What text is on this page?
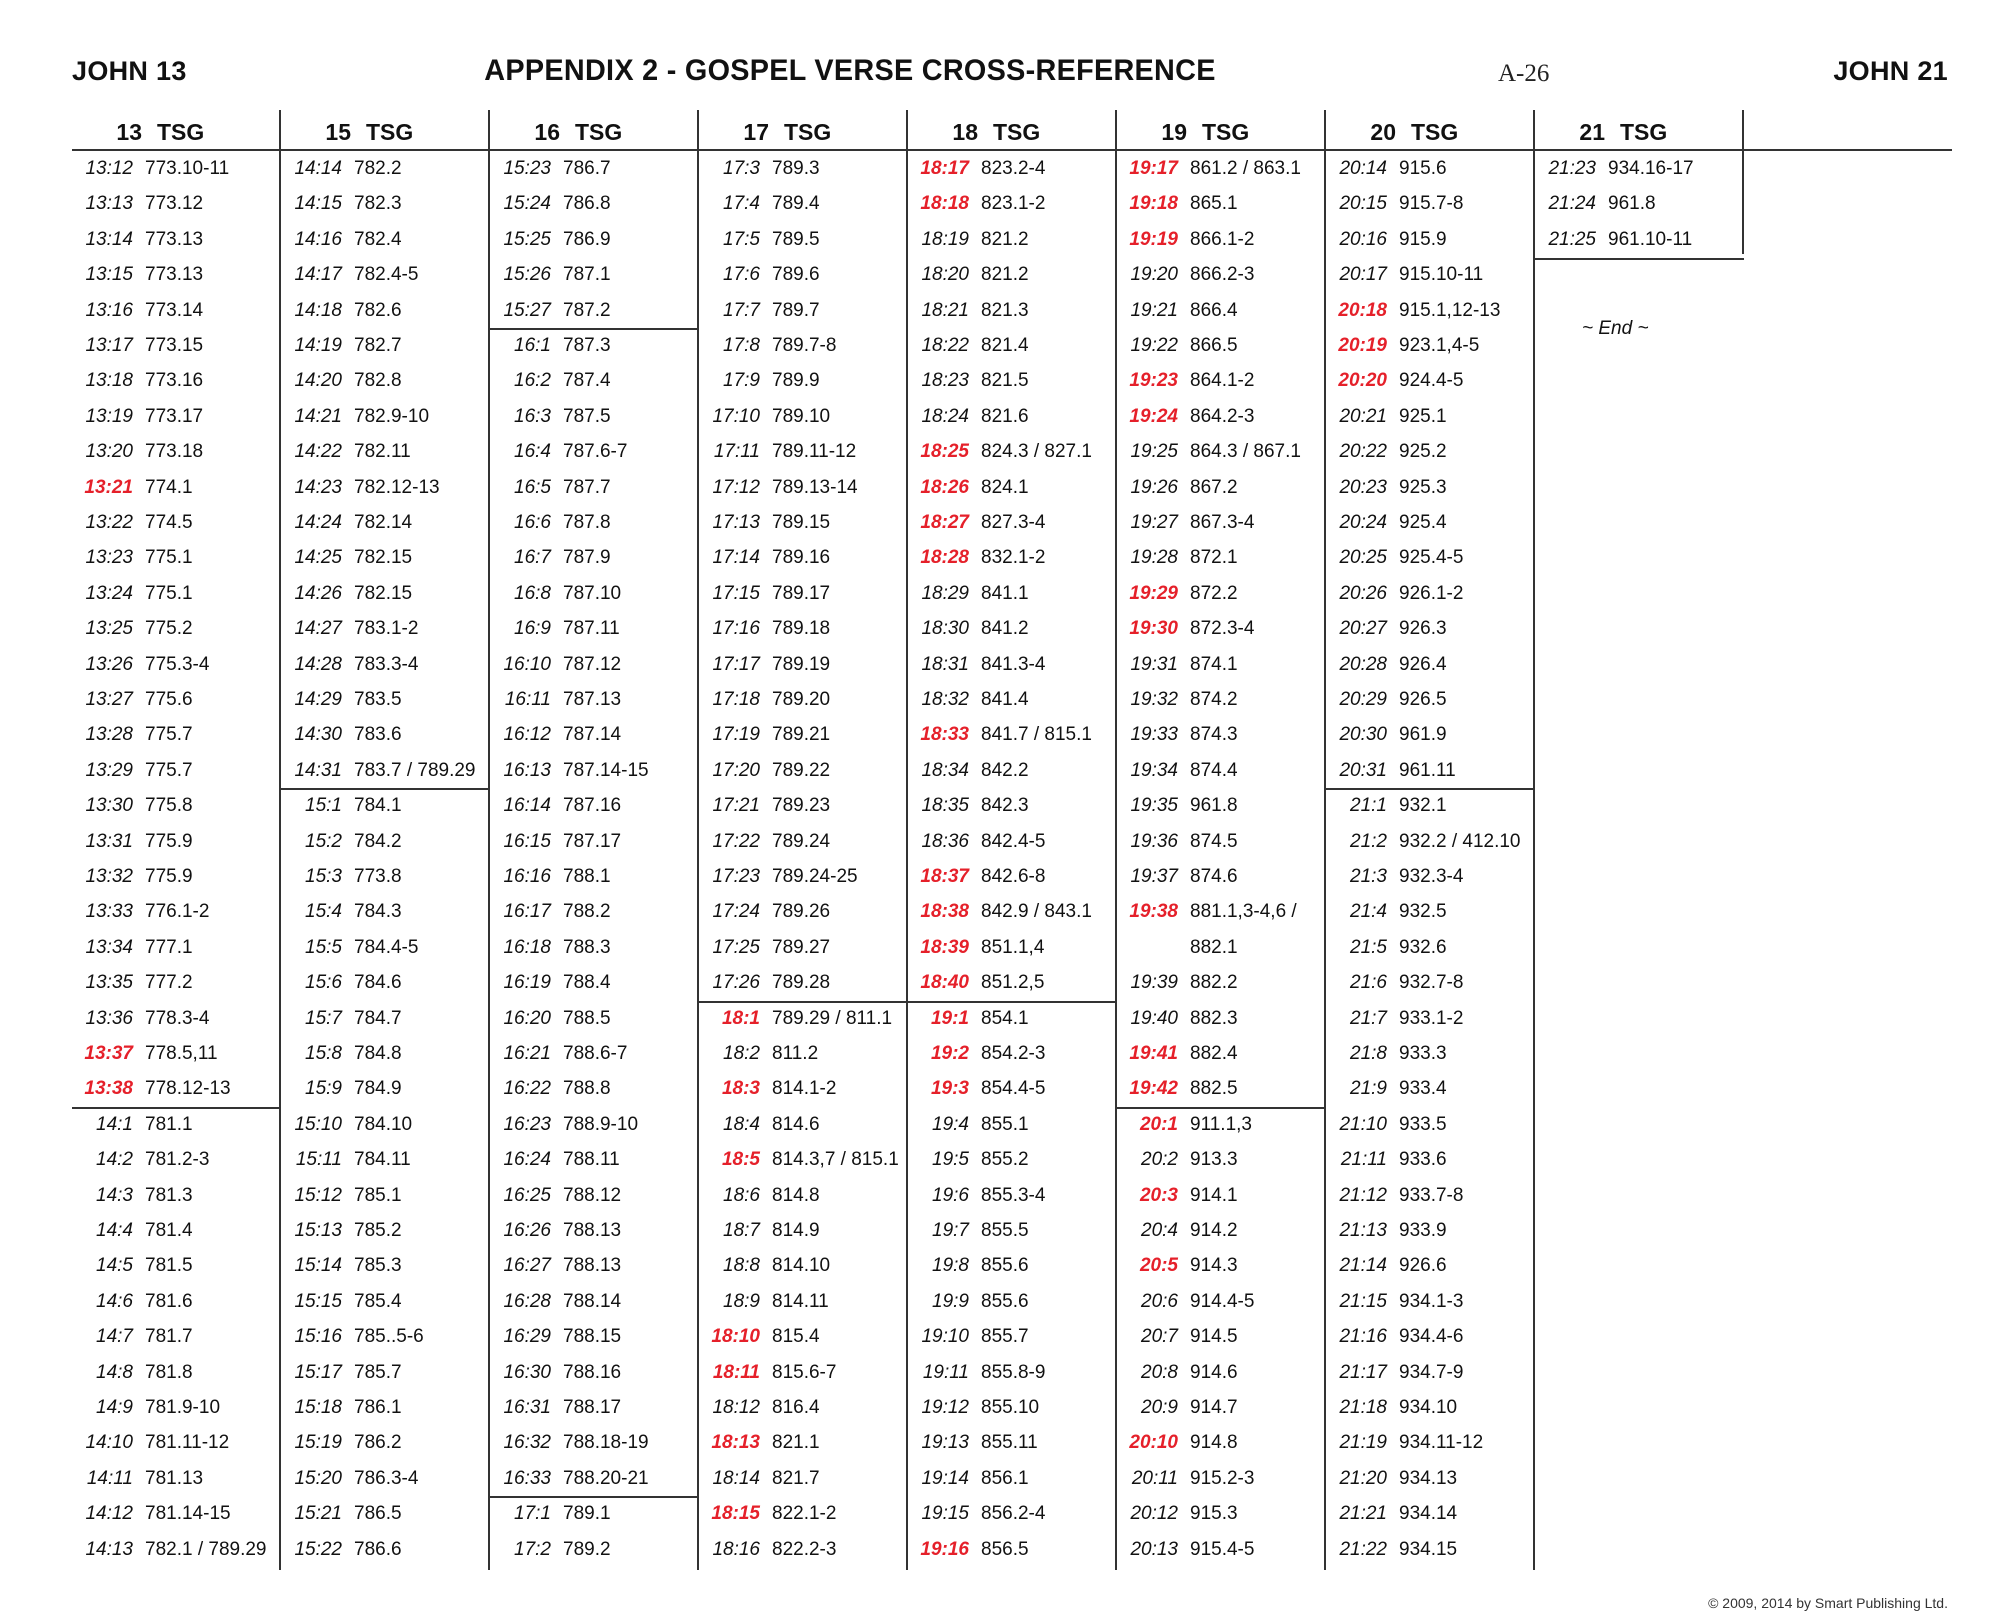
JOHN 13	APPENDIX 2 - GOSPEL VERSE CROSS-REFERENCE	A-26	JOHN 21
13 TSG
13:12 773.10-11
13:13 773.12
13:14 773.13
13:15 773.13
13:16 773.14
13:17 773.15
13:18 773.16
13:19 773.17
13:20 773.18
13:21 774.1
13:22 774.5
13:23 775.1
13:24 775.1
13:25 775.2
13:26 775.3-4
13:27 775.6
13:28 775.7
13:29 775.7
13:30 775.8
13:31 775.9
13:32 775.9
13:33 776.1-2
13:34 777.1
13:35 777.2
13:36 778.3-4
13:37 778.5,11
13:38 778.12-13
14:1 781.1
14:2 781.2-3
14:3 781.3
14:4 781.4
14:5 781.5
14:6 781.6
14:7 781.7
14:8 781.8
14:9 781.9-10
14:10 781.11-12
14:11 781.13
14:12 781.14-15
14:13 782.1 / 789.29
15 TSG
14:14 782.2
14:15 782.3
14:16 782.4
14:17 782.4-5
14:18 782.6
14:19 782.7
14:20 782.8
14:21 782.9-10
14:22 782.11
14:23 782.12-13
14:24 782.14
14:25 782.15
14:26 782.15
14:27 783.1-2
14:28 783.3-4
14:29 783.5
14:30 783.6
14:31 783.7 / 789.29
15:1 784.1
15:2 784.2
15:3 773.8
15:4 784.3
15:5 784.4-5
15:6 784.6
15:7 784.7
15:8 784.8
15:9 784.9
15:10 784.10
15:11 784.11
15:12 785.1
15:13 785.2
15:14 785.3
15:15 785.4
15:16 785..5-6
15:17 785.7
15:18 786.1
15:19 786.2
15:20 786.3-4
15:21 786.5
15:22 786.6
16 TSG
15:23 786.7
15:24 786.8
15:25 786.9
15:26 787.1
15:27 787.2
16:1 787.3
16:2 787.4
16:3 787.5
16:4 787.6-7
16:5 787.7
16:6 787.8
16:7 787.9
16:8 787.10
16:9 787.11
16:10 787.12
16:11 787.13
16:12 787.14
16:13 787.14-15
16:14 787.16
16:15 787.17
16:16 788.1
16:17 788.2
16:18 788.3
16:19 788.4
16:20 788.5
16:21 788.6-7
16:22 788.8
16:23 788.9-10
16:24 788.11
16:25 788.12
16:26 788.13
16:27 788.13
16:28 788.14
16:29 788.15
16:30 788.16
16:31 788.17
16:32 788.18-19
16:33 788.20-21
17:1 789.1
17:2 789.2
17 TSG
17:3 789.3
17:4 789.4
17:5 789.5
17:6 789.6
17:7 789.7
17:8 789.7-8
17:9 789.9
17:10 789.10
17:11 789.11-12
17:12 789.13-14
17:13 789.15
17:14 789.16
17:15 789.17
17:16 789.18
17:17 789.19
17:18 789.20
17:19 789.21
17:20 789.22
17:21 789.23
17:22 789.24
17:23 789.24-25
17:24 789.26
17:25 789.27
17:26 789.28
18:1 789.29 / 811.1
18:2 811.2
18:3 814.1-2
18:4 814.6
18:5 814.3,7 / 815.1
18:6 814.8
18:7 814.9
18:8 814.10
18:9 814.11
18:10 815.4
18:11 815.6-7
18:12 816.4
18:13 821.1
18:14 821.7
18:15 822.1-2
18:16 822.2-3
18 TSG
18:17 823.2-4
18:18 823.1-2
18:19 821.2
18:20 821.2
18:21 821.3
18:22 821.4
18:23 821.5
18:24 821.6
18:25 824.3 / 827.1
18:26 824.1
18:27 827.3-4
18:28 832.1-2
18:29 841.1
18:30 841.2
18:31 841.3-4
18:32 841.4
18:33 841.7 / 815.1
18:34 842.2
18:35 842.3
18:36 842.4-5
18:37 842.6-8
18:38 842.9 / 843.1
18:39 851.1,4
18:40 851.2,5
19:1 854.1
19:2 854.2-3
19:3 854.4-5
19:4 855.1
19:5 855.2
19:6 855.3-4
19:7 855.5
19:8 855.6
19:9 855.6
19:10 855.7
19:11 855.8-9
19:12 855.10
19:13 855.11
19:14 856.1
19:15 856.2-4
19:16 856.5
19 TSG
19:17 861.2 / 863.1
19:18 865.1
19:19 866.1-2
19:20 866.2-3
19:21 866.4
19:22 866.5
19:23 864.1-2
19:24 864.2-3
19:25 864.3 / 867.1
19:26 867.2
19:27 867.3-4
19:28 872.1
19:29 872.2
19:30 872.3-4
19:31 874.1
19:32 874.2
19:33 874.3
19:34 874.4
19:35 961.8
19:36 874.5
19:37 874.6
19:38 881.1,3-4,6 /
882.1
19:39 882.2
19:40 882.3
19:41 882.4
19:42 882.5
20:1 911.1,3
20:2 913.3
20:3 914.1
20:4 914.2
20:5 914.3
20:6 914.4-5
20:7 914.5
20:8 914.6
20:9 914.7
20:10 914.8
20:11 915.2-3
20:12 915.3
20:13 915.4-5
20 TSG
20:14 915.6
20:15 915.7-8
20:16 915.9
20:17 915.10-11
20:18 915.1,12-13
20:19 923.1,4-5
20:20 924.4-5
20:21 925.1
20:22 925.2
20:23 925.3
20:24 925.4
20:25 925.4-5
20:26 926.1-2
20:27 926.3
20:28 926.4
20:29 926.5
20:30 961.9
20:31 961.11
21:1 932.1
21:2 932.2 / 412.10
21:3 932.3-4
21:4 932.5
21:5 932.6
21:6 932.7-8
21:7 933.1-2
21:8 933.3
21:9 933.4
21:10 933.5
21:11 933.6
21:12 933.7-8
21:13 933.9
21:14 926.6
21:15 934.1-3
21:16 934.4-6
21:17 934.7-9
21:18 934.10
21:19 934.11-12
21:20 934.13
21:21 934.14
21:22 934.15
21 TSG
21:23 934.16-17
21:24 961.8
21:25 961.10-11
~ End ~
© 2009, 2014 by Smart Publishing Ltd.
